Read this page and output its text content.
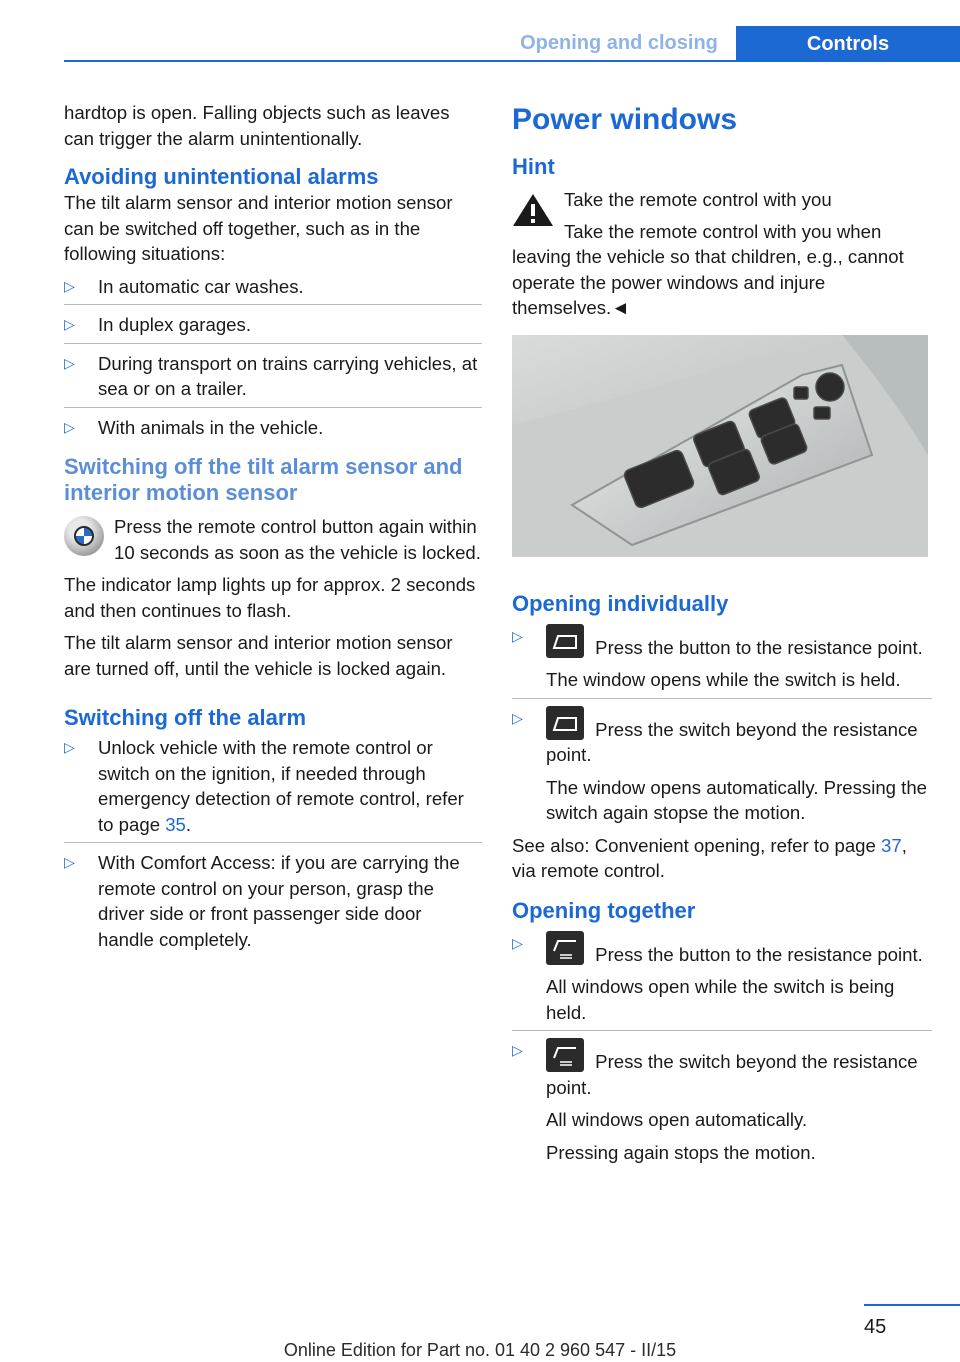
Opening and closing	Controls

hardtop is open. Falling objects such as leaves can trigger the alarm unintentionally.

Avoiding unintentional alarms

The tilt alarm sensor and interior motion sensor can be switched off together, such as in the following situations:

▷ In automatic car washes.
▷ In duplex garages.
▷ During transport on trains carrying vehicles, at sea or on a trailer.
▷ With animals in the vehicle.
Switching off the tilt alarm sensor and interior motion sensor
Press the remote control button again within 10 seconds as soon as the vehicle is locked.

The indicator lamp lights up for approx. 2 seconds and then continues to flash.

The tilt alarm sensor and interior motion sensor are turned off, until the vehicle is locked again.

Switching off the alarm
▷ Unlock vehicle with the remote control or switch on the ignition, if needed through emergency detection of remote control, refer to page 35.
▷ With Comfort Access: if you are carrying the remote control on your person, grasp the driver side or front passenger side door handle completely.
Power windows
Hint

Take the remote control with you

Take the remote control with you when leaving the vehicle so that children, e.g., cannot operate the power windows and injure themselves.◄

Opening individually
▷
Press the button to the resistance point.
The window opens while the switch is held.
▷
Press the switch beyond the resistance point.
The window opens automatically. Pressing the switch again stopse the motion.

See also: Convenient opening, refer to page 37, via remote control.

Opening together
▷
Press the button to the resistance point.
All windows open while the switch is being held.
▷
Press the switch beyond the resistance point.
All windows open automatically.
Pressing again stops the motion.
45
Online Edition for Part no. 01 40 2 960 547 - II/15
